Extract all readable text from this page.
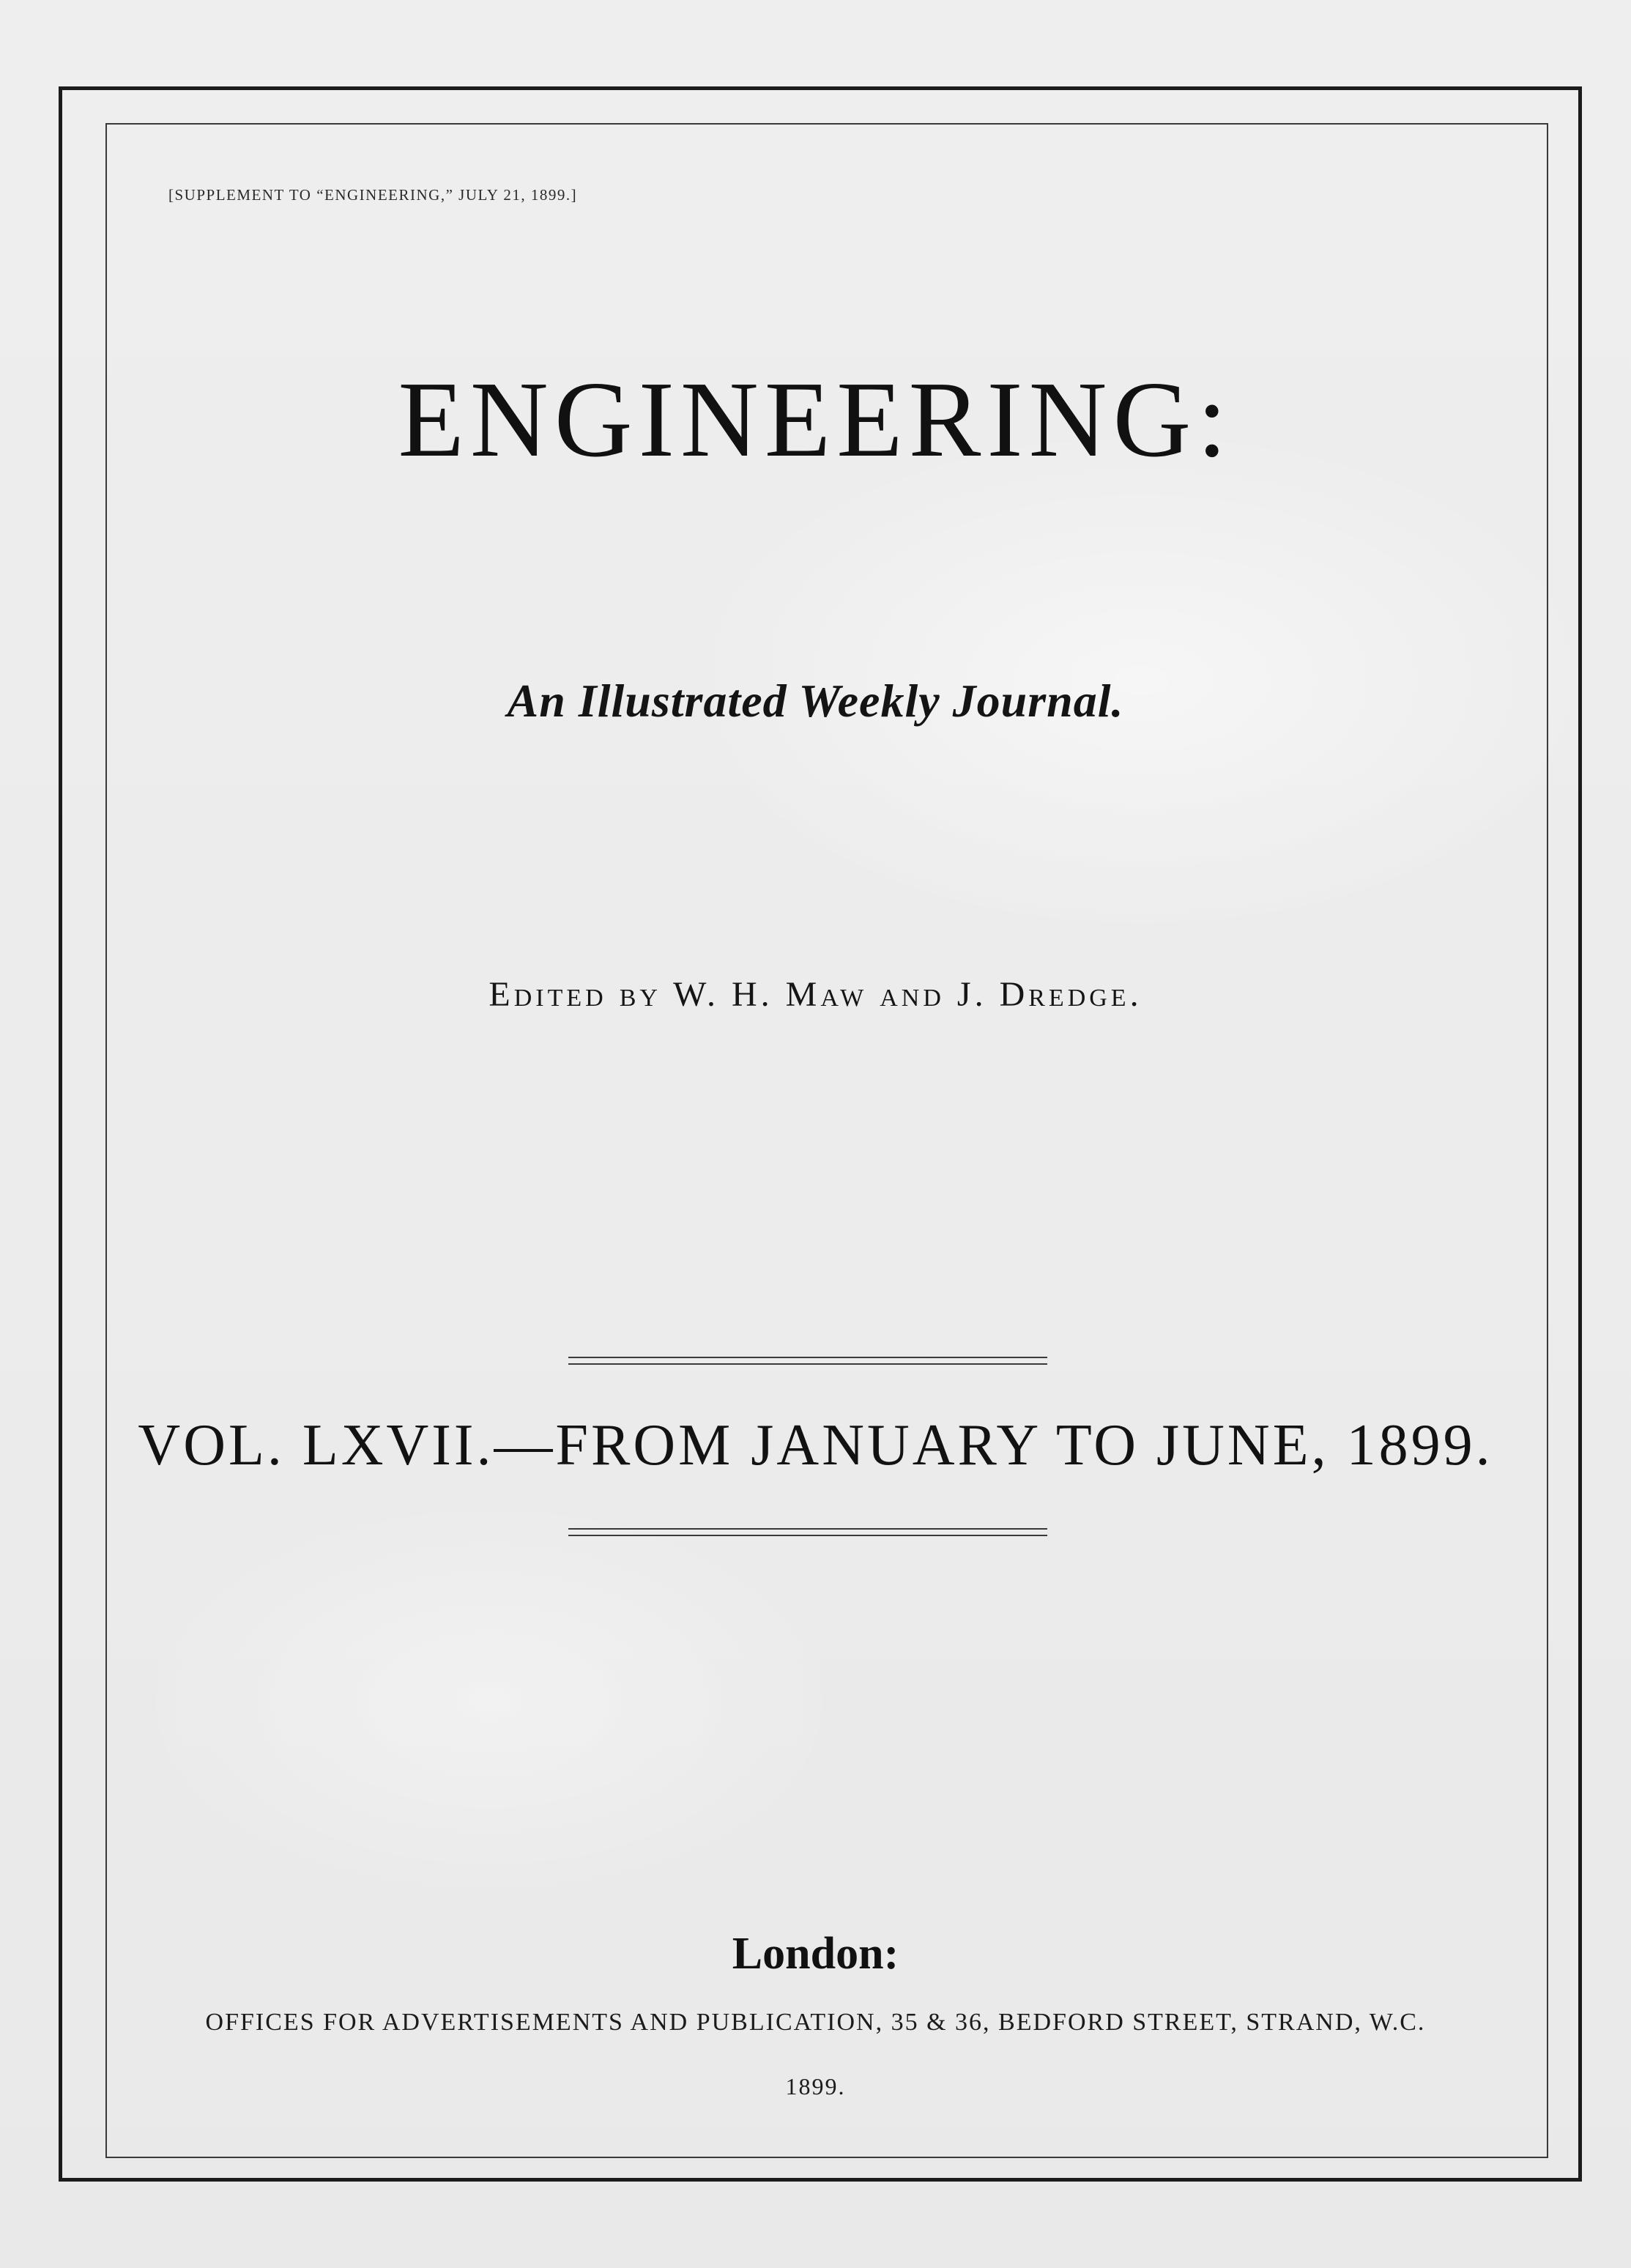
[SUPPLEMENT TO “ENGINEERING,” JULY 21, 1899.]
ENGINEERING:
An Illustrated Weekly Journal.
Edited by W. H. Maw and J. Dredge.
VOL. LXVII.—FROM JANUARY TO JUNE, 1899.
London:
OFFICES FOR ADVERTISEMENTS AND PUBLICATION, 35 & 36, BEDFORD STREET, STRAND, W.C.
1899.
